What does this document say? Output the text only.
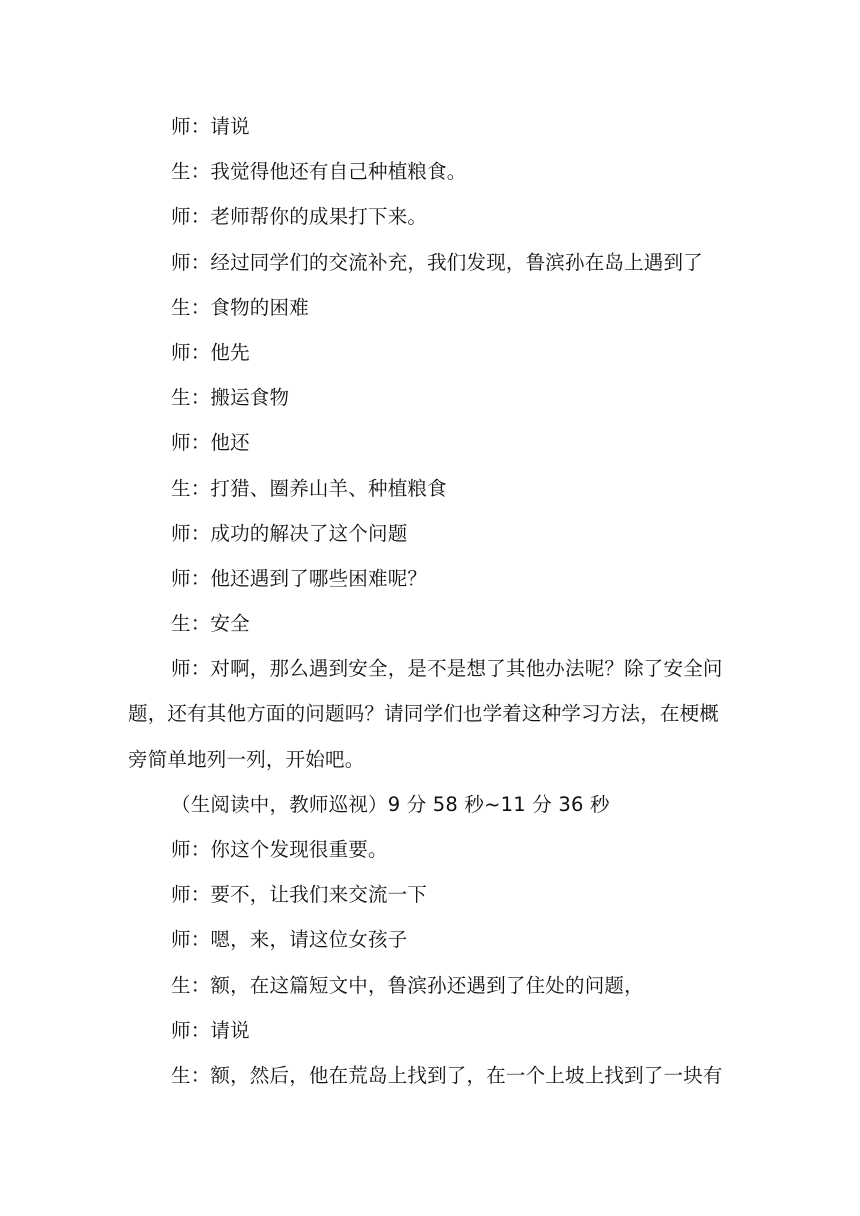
师：请说
生：我觉得他还有自己种植粮食。
师：老师帮你的成果打下来。
师：经过同学们的交流补充，我们发现，鲁滨孙在岛上遇到了
生：食物的困难
师：他先
生：搬运食物
师：他还
生：打猎、圈养山羊、种植粮食
师：成功的解决了这个问题
师：他还遇到了哪些困难呢？
生：安全
师：对啊，那么遇到安全，是不是想了其他办法呢？除了安全问
题，还有其他方面的问题吗？请同学们也学着这种学习方法，在梗概
旁简单地列一列，开始吧。
（生阅读中，教师巡视）9 分 58 秒~11 分 36 秒
师：你这个发现很重要。
师：要不，让我们来交流一下
师：嗯，来，请这位女孩子
生：额，在这篇短文中，鲁滨孙还遇到了住处的问题，
师：请说
生：额，然后，他在荒岛上找到了，在一个上坡上找到了一块有
